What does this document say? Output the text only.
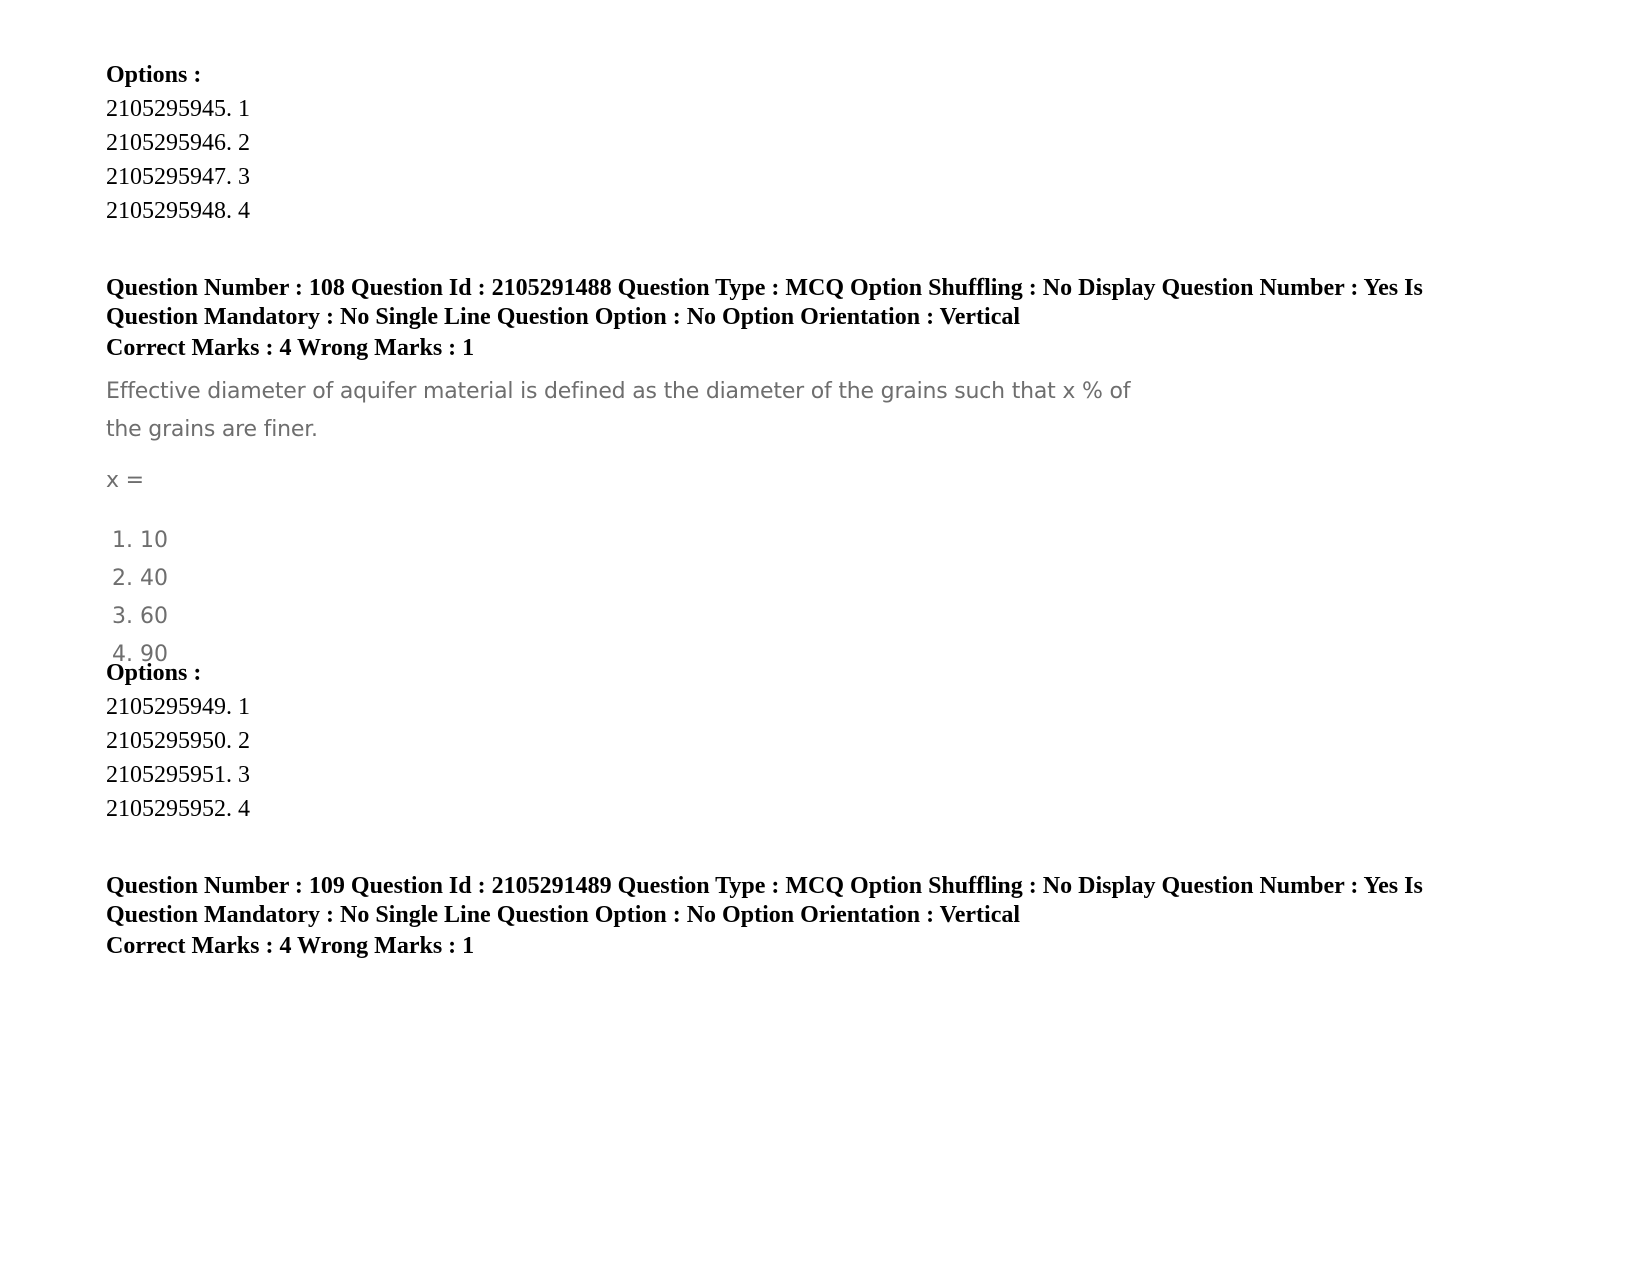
Options :
2105295945. 1
2105295946. 2
2105295947. 3
2105295948. 4
Question Number : 108 Question Id : 2105291488 Question Type : MCQ Option Shuffling : No Display Question Number : Yes Is
Question Mandatory : No Single Line Question Option : No Option Orientation : Vertical
Correct Marks : 4 Wrong Marks : 1
Effective diameter of aquifer material is defined as the diameter of the grains such that x % of
the grains are finer.
x =
1. 10
2. 40
3. 60
4. 90
Options :
2105295949. 1
2105295950. 2
2105295951. 3
2105295952. 4
Question Number : 109 Question Id : 2105291489 Question Type : MCQ Option Shuffling : No Display Question Number : Yes Is
Question Mandatory : No Single Line Question Option : No Option Orientation : Vertical
Correct Marks : 4 Wrong Marks : 1
